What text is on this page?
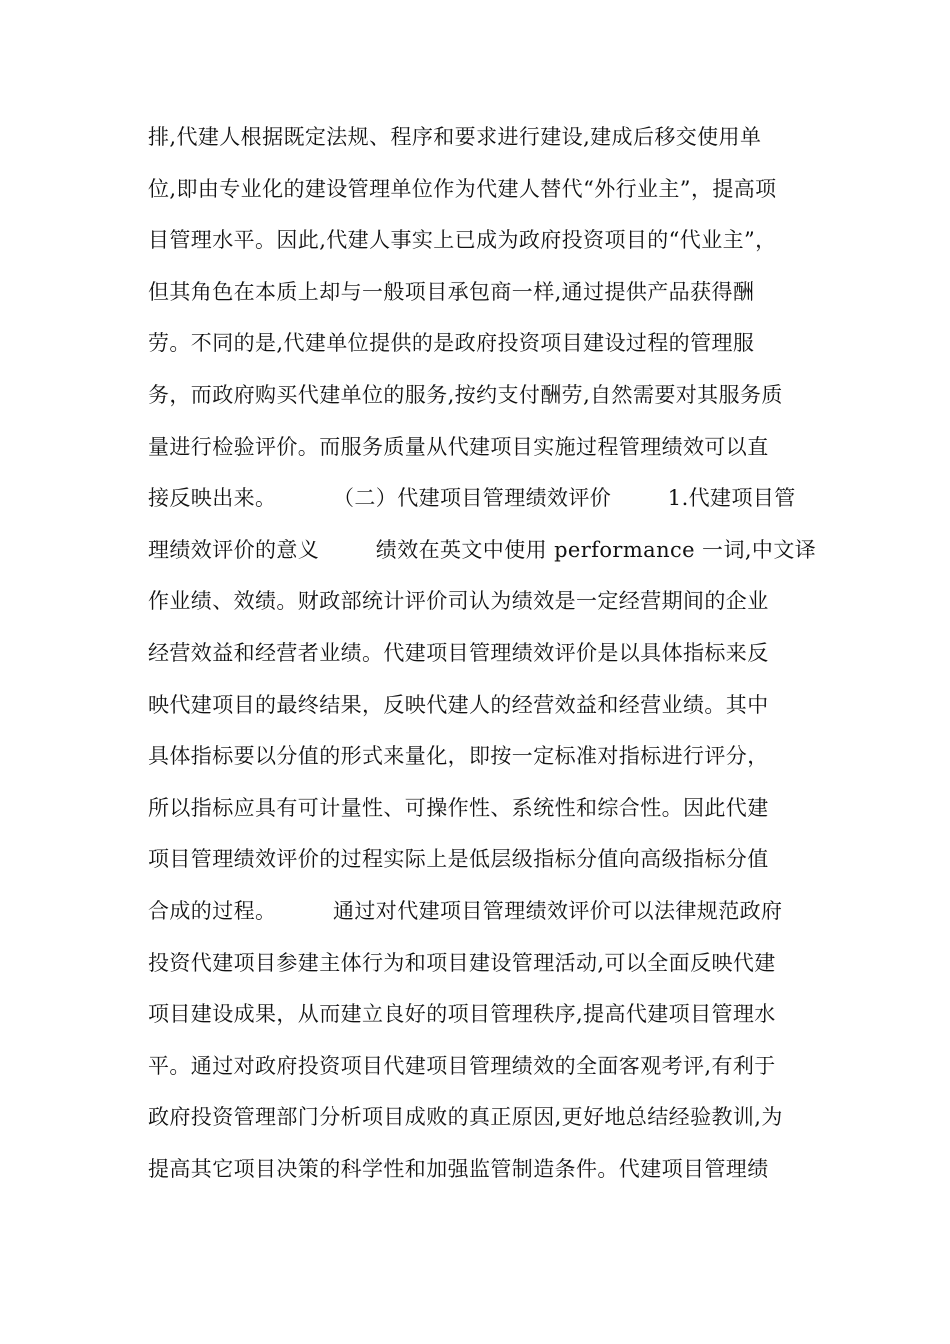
排,代建人根据既定法规、程序和要求进行建设,建成后移交使用单
位,即由专业化的建设管理单位作为代建人替代“外行业主”，提高项
目管理水平。因此,代建人事实上已成为政府投资项目的“代业主”，
但其角色在本质上却与一般项目承包商一样,通过提供产品获得酬
劳。不同的是,代建单位提供的是政府投资项目建设过程的管理服
务，而政府购买代建单位的服务,按约支付酬劳,自然需要对其服务质
量进行检验评价。而服务质量从代建项目实施过程管理绩效可以直
接反映出来。        （二）代建项目管理绩效评价        1.代建项目管
理绩效评价的意义        绩效在英文中使用 performance 一词,中文译
作业绩、效绩。财政部统计评价司认为绩效是一定经营期间的企业
经营效益和经营者业绩。代建项目管理绩效评价是以具体指标来反
映代建项目的最终结果，反映代建人的经营效益和经营业绩。其中
具体指标要以分值的形式来量化，即按一定标准对指标进行评分，
所以指标应具有可计量性、可操作性、系统性和综合性。因此代建
项目管理绩效评价的过程实际上是低层级指标分值向高级指标分值
合成的过程。        通过对代建项目管理绩效评价可以法律规范政府
投资代建项目参建主体行为和项目建设管理活动,可以全面反映代建
项目建设成果，从而建立良好的项目管理秩序,提高代建项目管理水
平。通过对政府投资项目代建项目管理绩效的全面客观考评,有利于
政府投资管理部门分析项目成败的真正原因,更好地总结经验教训,为
提高其它项目决策的科学性和加强监管制造条件。代建项目管理绩
